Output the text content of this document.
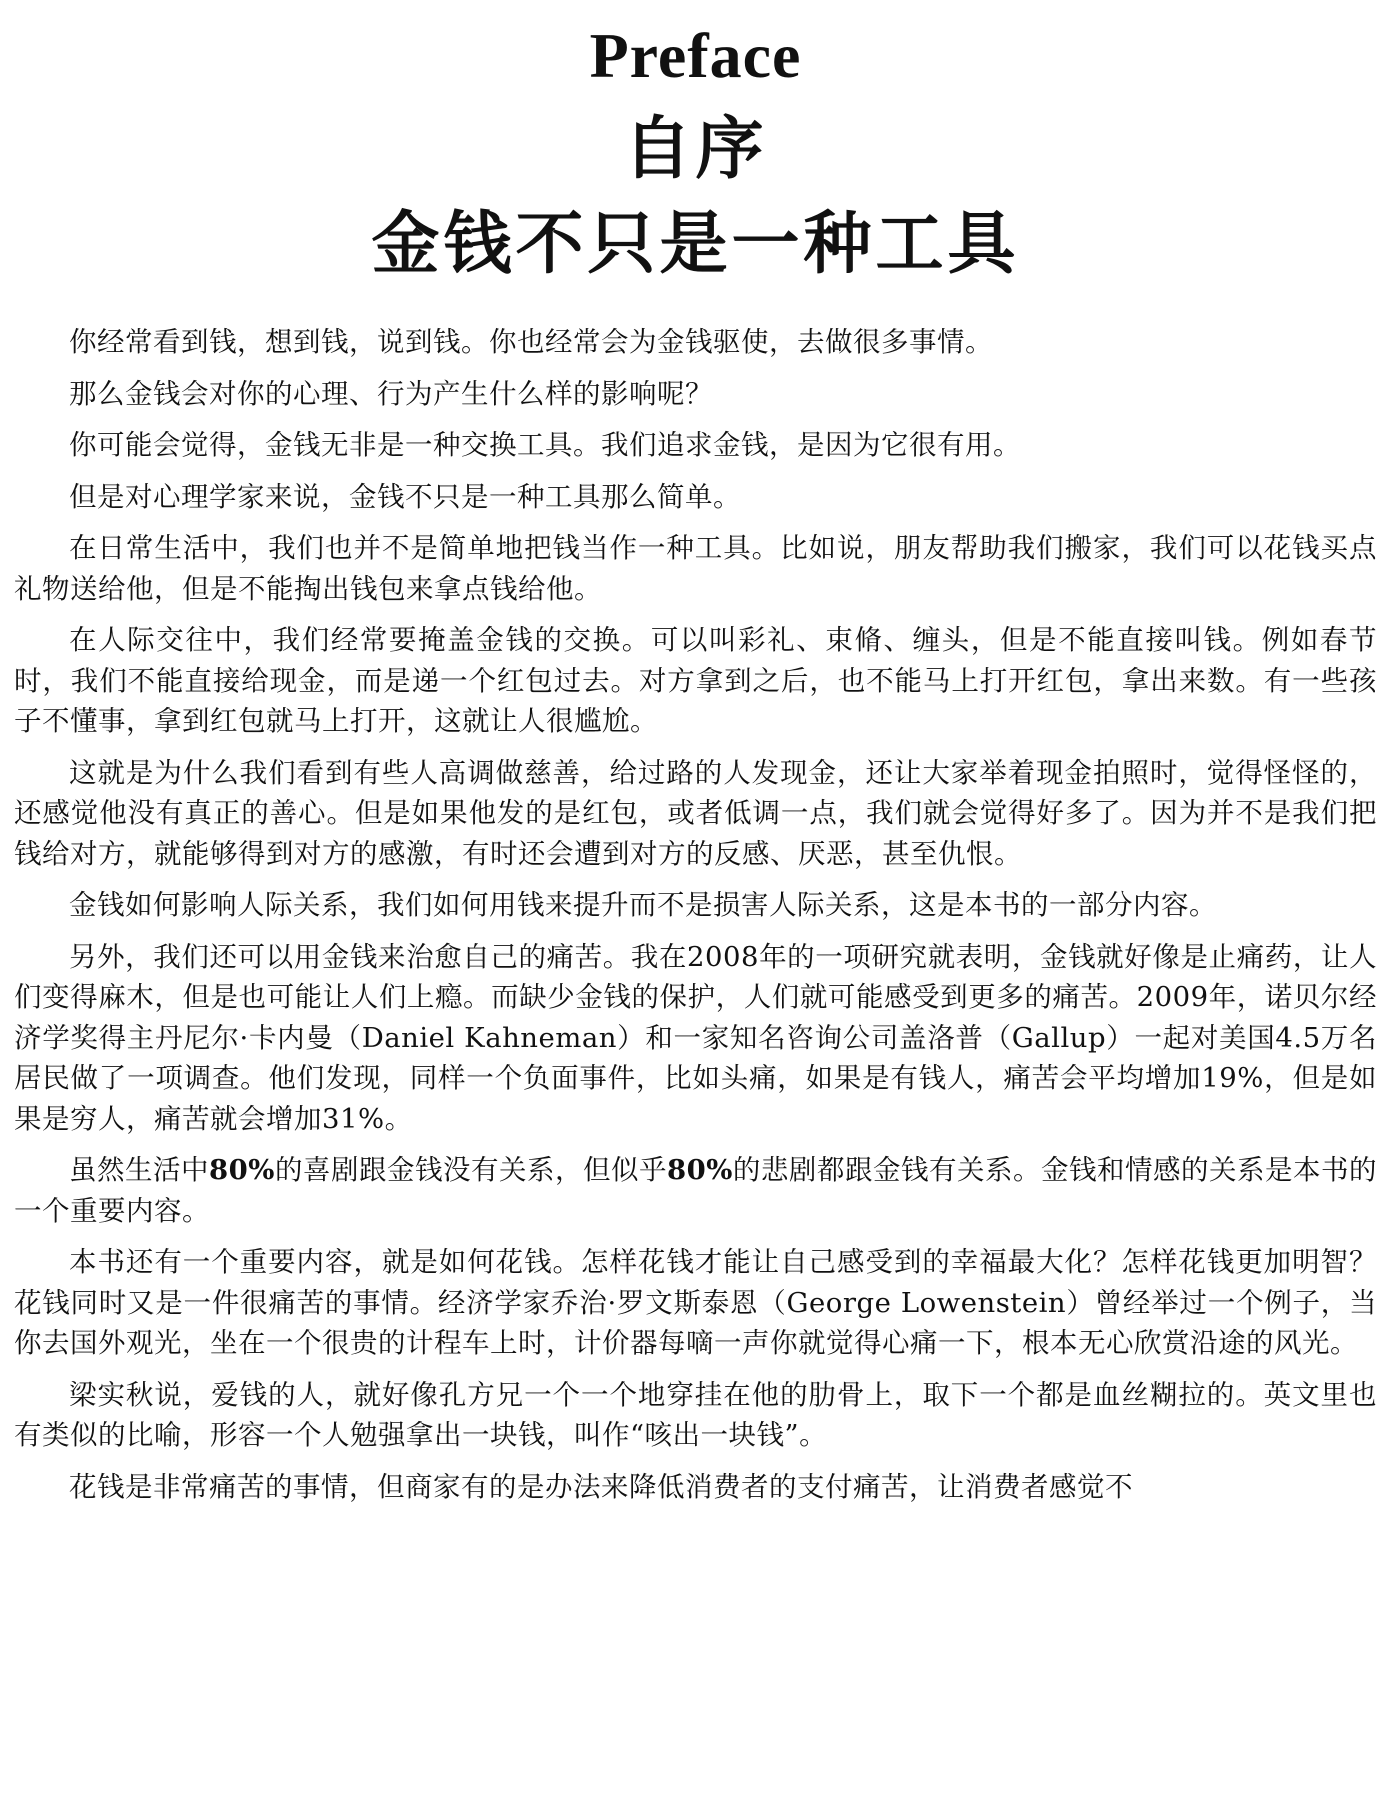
Preface
自序
金钱不只是一种工具

你经常看到钱，想到钱，说到钱。你也经常会为金钱驱使，去做很多事情。

那么金钱会对你的心理、行为产生什么样的影响呢？

你可能会觉得，金钱无非是一种交换工具。我们追求金钱，是因为它很有用。

但是对心理学家来说，金钱不只是一种工具那么简单。

在日常生活中，我们也并不是简单地把钱当作一种工具。比如说，朋友帮助我们搬家，我们可以花钱买点礼物送给他，但是不能掏出钱包来拿点钱给他。

在人际交往中，我们经常要掩盖金钱的交换。可以叫彩礼、束脩、缠头，但是不能直接叫钱。例如春节时，我们不能直接给现金，而是递一个红包过去。对方拿到之后，也不能马上打开红包，拿出来数。有一些孩子不懂事，拿到红包就马上打开，这就让人很尴尬。

这就是为什么我们看到有些人高调做慈善，给过路的人发现金，还让大家举着现金拍照时，觉得怪怪的，还感觉他没有真正的善心。但是如果他发的是红包，或者低调一点，我们就会觉得好多了。因为并不是我们把钱给对方，就能够得到对方的感激，有时还会遭到对方的反感、厌恶，甚至仇恨。

金钱如何影响人际关系，我们如何用钱来提升而不是损害人际关系，这是本书的一部分内容。

另外，我们还可以用金钱来治愈自己的痛苦。我在2008年的一项研究就表明，金钱就好像是止痛药，让人们变得麻木，但是也可能让人们上瘾。而缺少金钱的保护，人们就可能感受到更多的痛苦。2009年，诺贝尔经济学奖得主丹尼尔·卡内曼（Daniel Kahneman）和一家知名咨询公司盖洛普（Gallup）一起对美国4.5万名居民做了一项调查。他们发现，同样一个负面事件，比如头痛，如果是有钱人，痛苦会平均增加19%，但是如果是穷人，痛苦就会增加31%。

虽然生活中80%的喜剧跟金钱没有关系，但似乎80%的悲剧都跟金钱有关系。金钱和情感的关系是本书的一个重要内容。

本书还有一个重要内容，就是如何花钱。怎样花钱才能让自己感受到的幸福最大化？怎样花钱更加明智？花钱同时又是一件很痛苦的事情。经济学家乔治·罗文斯泰恩（George Lowenstein）曾经举过一个例子，当你去国外观光，坐在一个很贵的计程车上时，计价器每嘀一声你就觉得心痛一下，根本无心欣赏沿途的风光。

梁实秋说，爱钱的人，就好像孔方兄一个一个地穿挂在他的肋骨上，取下一个都是血丝糊拉的。英文里也有类似的比喻，形容一个人勉强拿出一块钱，叫作“咳出一块钱”。

花钱是非常痛苦的事情，但商家有的是办法来降低消费者的支付痛苦，让消费者感觉不
